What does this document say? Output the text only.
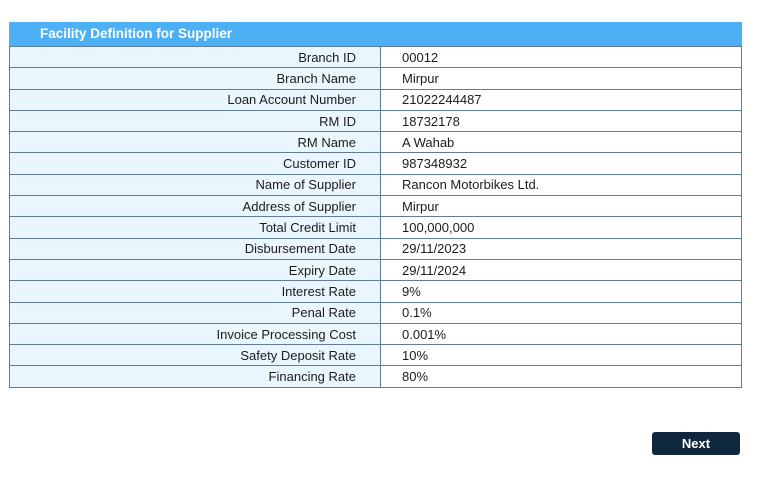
Facility Definition for Supplier
Branch ID	00012
Branch Name	Mirpur
Loan Account Number	21022244487
RM ID	18732178
RM Name	A Wahab
Customer ID	987348932
Name of Supplier	Rancon Motorbikes Ltd.
Address of Supplier	Mirpur
Total Credit Limit	100,000,000
Disbursement Date	29/11/2023
Expiry Date	29/11/2024
Interest Rate	9%
Penal Rate	0.1%
Invoice Processing Cost	0.001%
Safety Deposit Rate	10%
Financing Rate	80%
Next
